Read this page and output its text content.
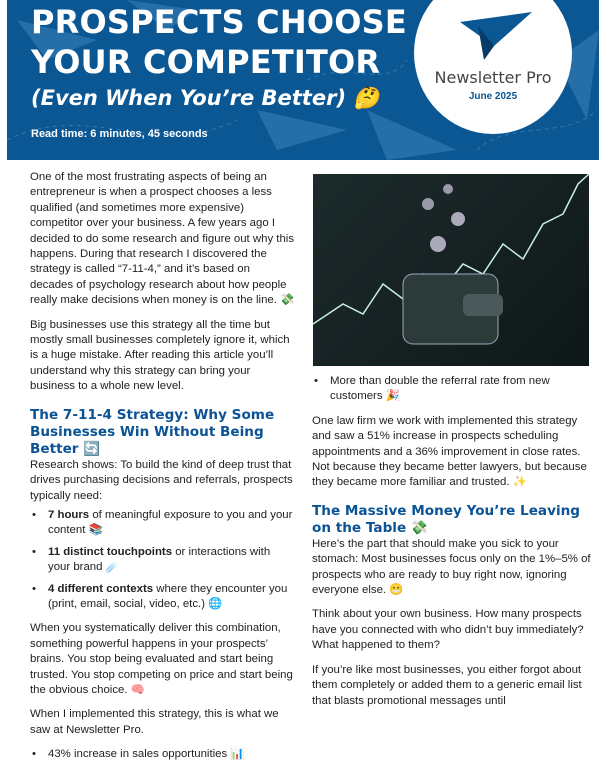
PROSPECTS CHOOSE
YOUR COMPETITOR
(Even When You’re Better) 🤔
Read time: 6 minutes, 45 seconds
Newsletter Pro
June 2025

One of the most frustrating aspects of being an entrepreneur is when a prospect chooses a less qualified (and sometimes more expensive) competitor over your business. A few years ago I decided to do some research and figure out why this happens. During that research I discovered the strategy is called “7-11-4,” and it’s based on decades of psychology research about how people really make decisions when money is on the line. 💸

Big businesses use this strategy all the time but mostly small businesses completely ignore it, which is a huge mistake. After reading this article you’ll understand why this strategy can bring your business to a whole new level.

The 7-11-4 Strategy: Why Some Businesses Win Without Being Better 🔄

Research shows: To build the kind of deep trust that drives purchasing decisions and referrals, prospects typically need:

• 7 hours of meaningful exposure to you and your content 📚
• 11 distinct touchpoints or interactions with your brand ☄️
• 4 different contexts where they encounter you (print, email, social, video, etc.) 🌐

When you systematically deliver this combination, something powerful happens in your prospects’ brains. You stop being evaluated and start being trusted. You stop competing on price and start being the obvious choice. 🧠

When I implemented this strategy, this is what we saw at Newsletter Pro.

• 43% increase in sales opportunities 📊
• More than double the referral rate from new customers 🎉

One law firm we work with implemented this strategy and saw a 51% increase in prospects scheduling appointments and a 36% improvement in close rates. Not because they became better lawyers, but because they became more familiar and trusted. ✨

The Massive Money You’re Leaving on the Table 💸

Here’s the part that should make you sick to your stomach: Most businesses focus only on the 1%–5% of prospects who are ready to buy right now, ignoring everyone else. 😬

Think about your own business. How many prospects have you connected with who didn’t buy immediately? What happened to them?

If you’re like most businesses, you either forgot about them completely or added them to a generic email list that blasts promotional messages until
